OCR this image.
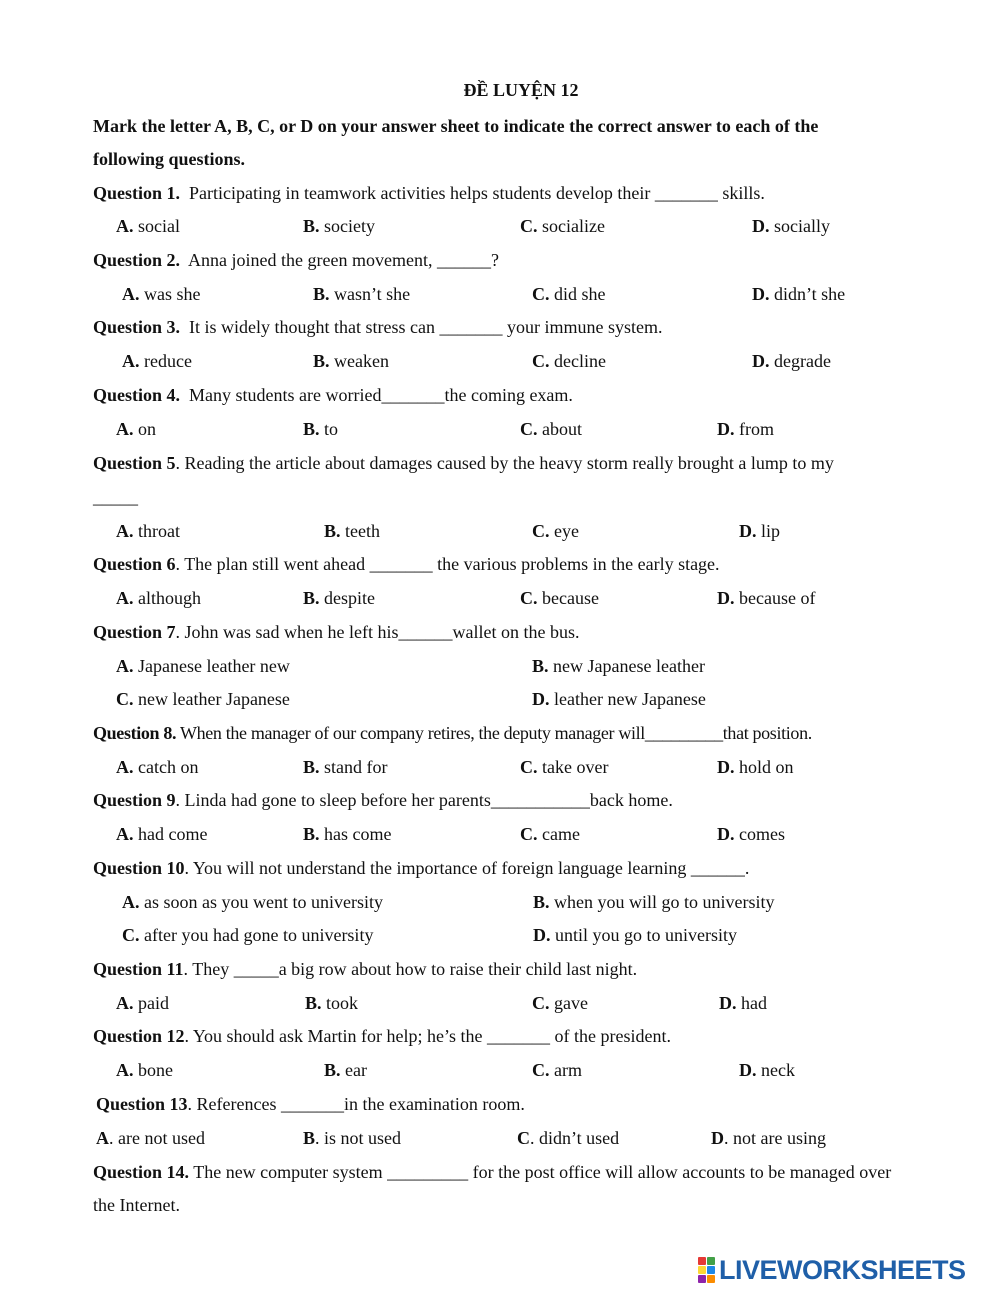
ĐỀ LUYỆN 12
Mark the letter A, B, C, or D on your answer sheet to indicate the correct answer to each of the
following questions.
Question 1. Participating in teamwork activities helps students develop their _______ skills.
A. social	B. society	C. socialize	D. socially
Question 2. Anna joined the green movement, ______?
A. was she	B. wasn’t she	C. did she	D. didn’t she
Question 3. It is widely thought that stress can _______ your immune system.
A. reduce	B. weaken	C. decline	D. degrade
Question 4. Many students are worried_______the coming exam.
A. on	B. to	C. about	D. from
Question 5. Reading the article about damages caused by the heavy storm really brought a lump to my
_____
A. throat	B. teeth	C. eye	D. lip
Question 6. The plan still went ahead _______ the various problems in the early stage.
A. although	B. despite	C. because	D. because of
Question 7. John was sad when he left his______wallet on the bus.
A. Japanese leather new	B. new Japanese leather
C. new leather Japanese	D. leather new Japanese
Question 8. When the manager of our company retires, the deputy manager will_________that position.
A. catch on	B. stand for	C. take over	D. hold on
Question 9. Linda had gone to sleep before her parents___________back home.
A. had come	B. has come	C. came	D. comes
Question 10. You will not understand the importance of foreign language learning ______.
A. as soon as you went to university	B. when you will go to university
C. after you had gone to university	D. until you go to university
Question 11. They _____a big row about how to raise their child last night.
A. paid	B. took	C. gave	D. had
Question 12. You should ask Martin for help; he’s the _______ of the president.
A. bone	B. ear	C. arm	D. neck
Question 13. References _______in the examination room.
A. are not used	B. is not used	C. didn’t used	D. not are using
Question 14. The new computer system _________ for the post office will allow accounts to be managed over
the Internet.
LIVEWORKSHEETS
